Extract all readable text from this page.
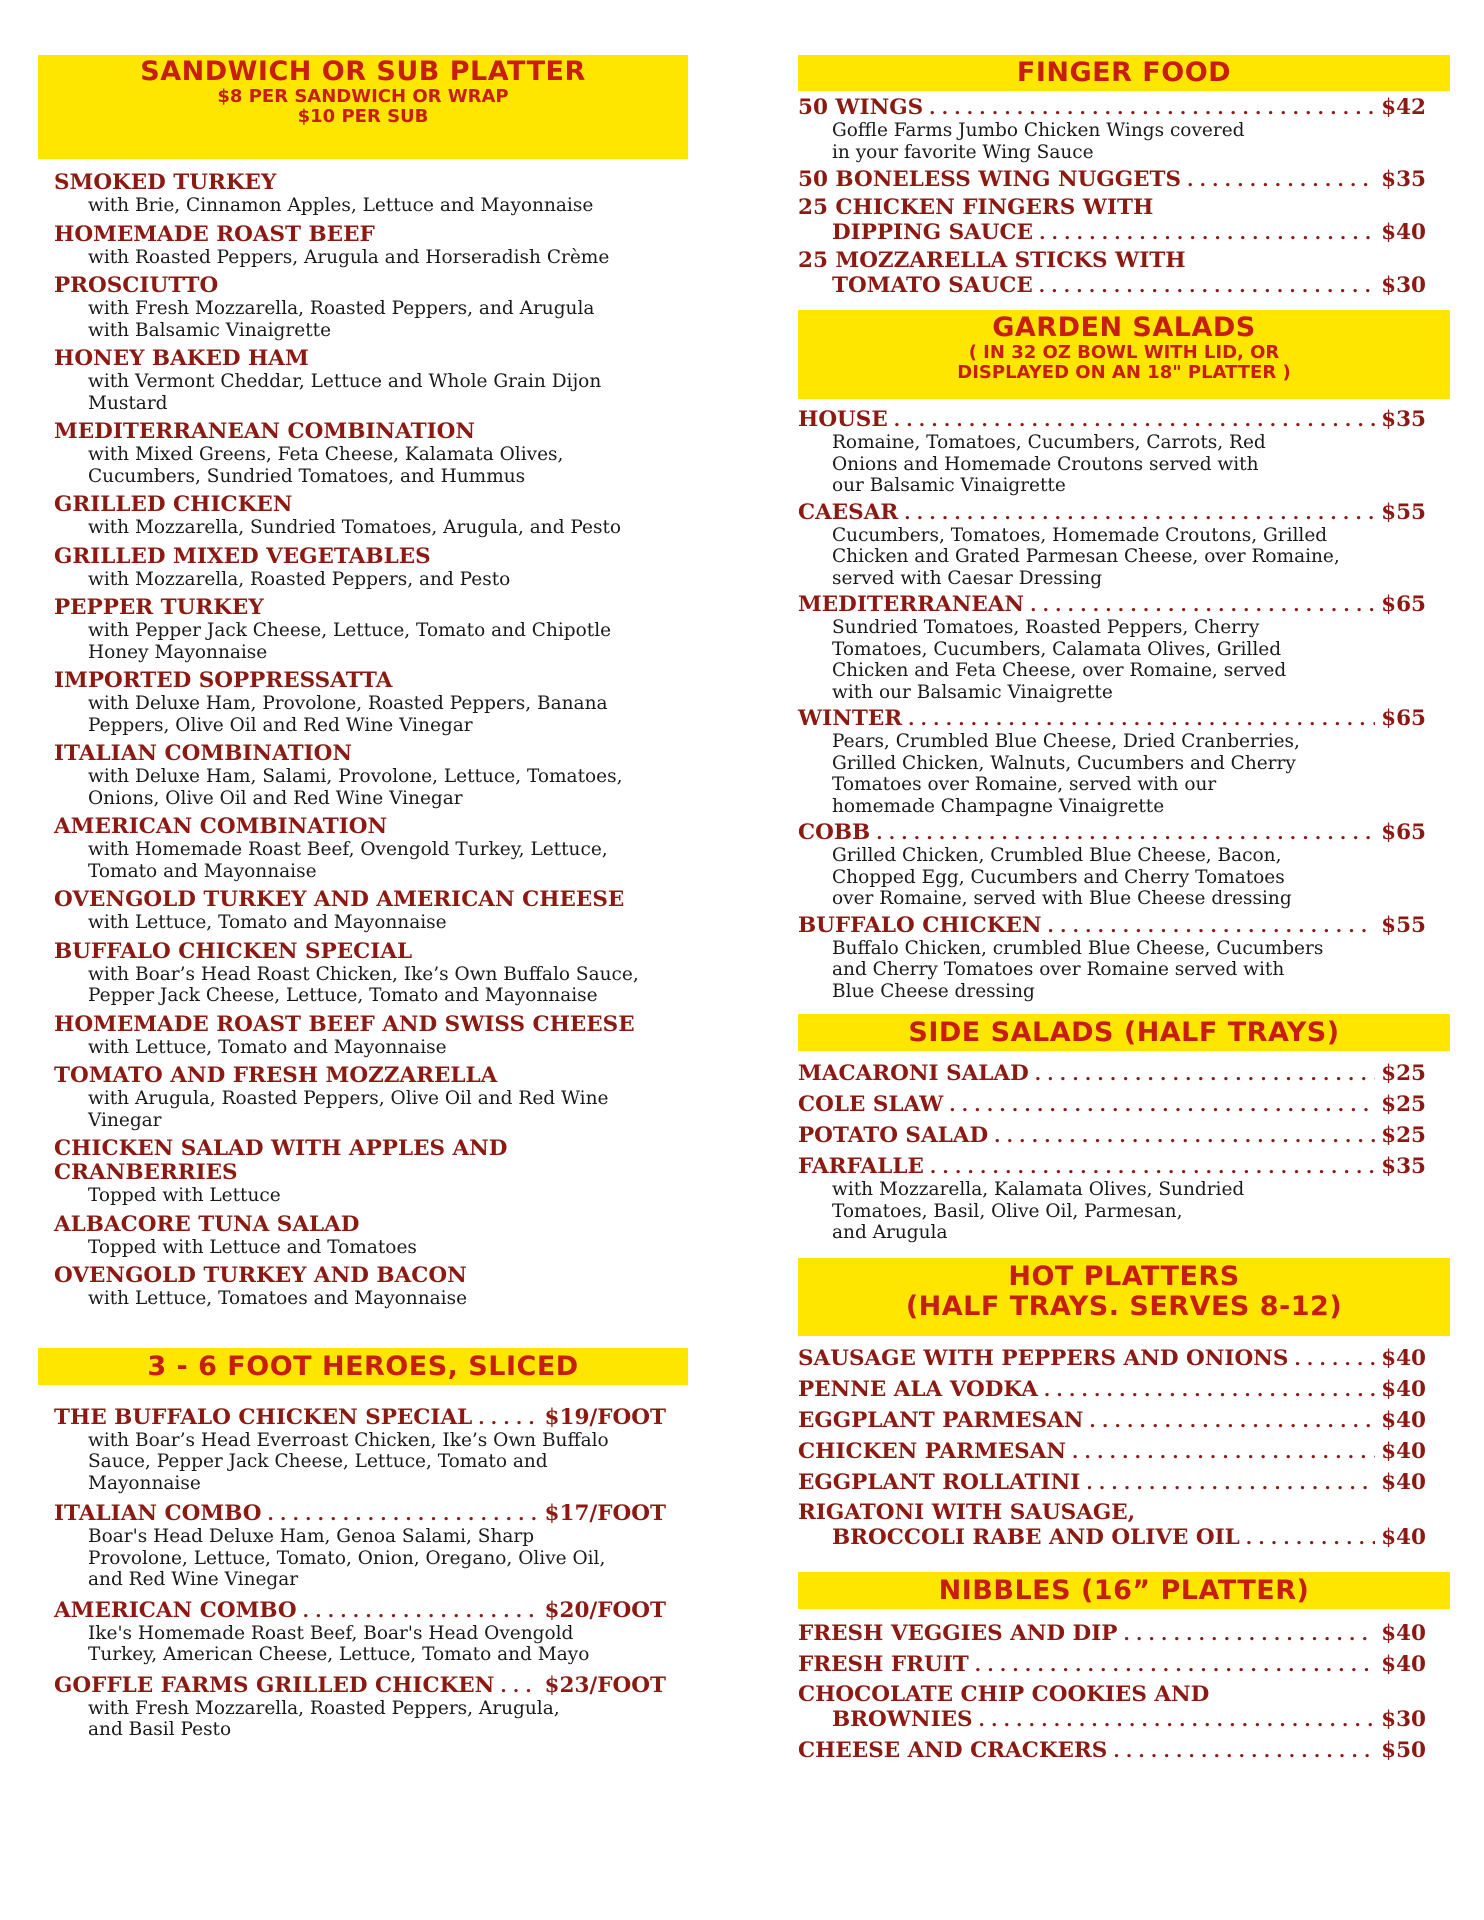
SANDWICH OR SUB PLATTER
$8 PER SANDWICH OR WRAP
$10 PER SUB
SMOKED TURKEY
with Brie, Cinnamon Apples, Lettuce and Mayonnaise
HOMEMADE ROAST BEEF
with Roasted Peppers, Arugula and Horseradish Crème
PROSCIUTTO
with Fresh Mozzarella, Roasted Peppers, and Arugula
with Balsamic Vinaigrette
HONEY BAKED HAM
with Vermont Cheddar, Lettuce and Whole Grain Dijon
Mustard
MEDITERRANEAN COMBINATION
with Mixed Greens, Feta Cheese, Kalamata Olives,
Cucumbers, Sundried Tomatoes, and Hummus
GRILLED CHICKEN
with Mozzarella, Sundried Tomatoes, Arugula, and Pesto
GRILLED MIXED VEGETABLES
with Mozzarella, Roasted Peppers, and Pesto
PEPPER TURKEY
with Pepper Jack Cheese, Lettuce, Tomato and Chipotle
Honey Mayonnaise
IMPORTED SOPPRESSATTA
with Deluxe Ham, Provolone, Roasted Peppers, Banana
Peppers, Olive Oil and Red Wine Vinegar
ITALIAN COMBINATION
with Deluxe Ham, Salami, Provolone, Lettuce, Tomatoes,
Onions, Olive Oil and Red Wine Vinegar
AMERICAN COMBINATION
with Homemade Roast Beef, Ovengold Turkey, Lettuce,
Tomato and Mayonnaise
OVENGOLD TURKEY AND AMERICAN CHEESE
with Lettuce, Tomato and Mayonnaise
BUFFALO CHICKEN SPECIAL
with Boar’s Head Roast Chicken, Ike’s Own Buffalo Sauce,
Pepper Jack Cheese, Lettuce, Tomato and Mayonnaise
HOMEMADE ROAST BEEF AND SWISS CHEESE
with Lettuce, Tomato and Mayonnaise
TOMATO AND FRESH MOZZARELLA
with Arugula, Roasted Peppers, Olive Oil and Red Wine
Vinegar
CHICKEN SALAD WITH APPLES AND CRANBERRIES
Topped with Lettuce
ALBACORE TUNA SALAD
Topped with Lettuce and Tomatoes
OVENGOLD TURKEY AND BACON
with Lettuce, Tomatoes and Mayonnaise
3 - 6 FOOT HEROES, SLICED
THE BUFFALO CHICKEN SPECIAL . . .	$19/FOOT
with Boar’s Head Everroast Chicken, Ike’s Own Buffalo
Sauce, Pepper Jack Cheese, Lettuce, Tomato and Mayonnaise
ITALIAN COMBO . . .	$17/FOOT
Boar's Head Deluxe Ham, Genoa Salami, Sharp
Provolone, Lettuce, Tomato, Onion, Oregano, Olive Oil,
and Red Wine Vinegar
AMERICAN COMBO . . .	$20/FOOT
Ike's Homemade Roast Beef, Boar's Head Ovengold
Turkey, American Cheese, Lettuce, Tomato and Mayo
GOFFLE FARMS GRILLED CHICKEN . . . $23/FOOT
with Fresh Mozzarella, Roasted Peppers, Arugula,
and Basil Pesto
FINGER FOOD
50 WINGS . . .	$42
Goffle Farms Jumbo Chicken Wings covered
in your favorite Wing Sauce
50 BONELESS WING NUGGETS . . .	$35
25 CHICKEN FINGERS WITH
DIPPING SAUCE . . .	$40
25 MOZZARELLA STICKS WITH
TOMATO SAUCE . . .	$30
GARDEN SALADS
( IN 32 OZ BOWL WITH LID, OR
DISPLAYED ON AN 18" PLATTER )
HOUSE . . .	$35
Romaine, Tomatoes, Cucumbers, Carrots, Red
Onions and Homemade Croutons served with
our Balsamic Vinaigrette
CAESAR . . .	$55
Cucumbers, Tomatoes, Homemade Croutons, Grilled
Chicken and Grated Parmesan Cheese, over Romaine,
served with Caesar Dressing
MEDITERRANEAN . . .	$65
Sundried Tomatoes, Roasted Peppers, Cherry
Tomatoes, Cucumbers, Calamata Olives, Grilled
Chicken and Feta Cheese, over Romaine, served
with our Balsamic Vinaigrette
WINTER . . .	$65
Pears, Crumbled Blue Cheese, Dried Cranberries,
Grilled Chicken, Walnuts, Cucumbers and Cherry
Tomatoes over Romaine, served with our
homemade Champagne Vinaigrette
COBB . . .	$65
Grilled Chicken, Crumbled Blue Cheese, Bacon,
Chopped Egg, Cucumbers and Cherry Tomatoes
over Romaine, served with Blue Cheese dressing
BUFFALO CHICKEN . . .	$55
Buffalo Chicken, crumbled Blue Cheese, Cucumbers
and Cherry Tomatoes over Romaine served with
Blue Cheese dressing
SIDE SALADS (HALF TRAYS)
MACARONI SALAD . . .	$25
COLE SLAW . . .	$25
POTATO SALAD . . .	$25
FARFALLE . . .	$35
with Mozzarella, Kalamata Olives, Sundried
Tomatoes, Basil, Olive Oil, Parmesan,
and Arugula
HOT PLATTERS
(HALF TRAYS. SERVES 8-12)
SAUSAGE WITH PEPPERS AND ONIONS . . .	$40
PENNE ALA VODKA . . .	$40
EGGPLANT PARMESAN . . .	$40
CHICKEN PARMESAN . . .	$40
EGGPLANT ROLLATINI . . .	$40
RIGATONI WITH SAUSAGE,
BROCCOLI RABE AND OLIVE OIL . . .	$40
NIBBLES (16” PLATTER)
FRESH VEGGIES AND DIP . . .	$40
FRESH FRUIT . . .	$40
CHOCOLATE CHIP COOKIES AND
BROWNIES . . .	$30
CHEESE AND CRACKERS . . .	$50
